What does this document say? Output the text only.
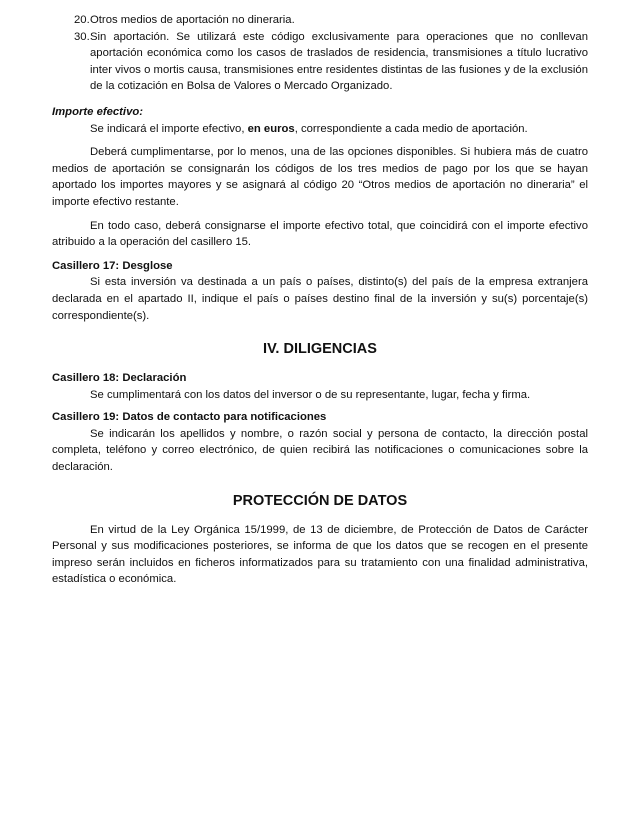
20. Otros medios de aportación no dineraria.
30. Sin aportación. Se utilizará este código exclusivamente para operaciones que no conllevan aportación económica como los casos de traslados de residencia, transmisiones a título lucrativo inter vivos o mortis causa, transmisiones entre residentes distintas de las fusiones y de la exclusión de la cotización en Bolsa de Valores o Mercado Organizado.
Importe efectivo:

Se indicará el importe efectivo, en euros, correspondiente a cada medio de aportación.

Deberá cumplimentarse, por lo menos, una de las opciones disponibles. Si hubiera más de cuatro medios de aportación se consignarán los códigos de los tres medios de pago por los que se hayan aportado los importes mayores y se asignará al código 20 “Otros medios de aportación no dineraria” el importe efectivo restante.

En todo caso, deberá consignarse el importe efectivo total, que coincidirá con el importe efectivo atribuido a la operación del casillero 15.

Casillero 17: Desglose

Si esta inversión va destinada a un país o países, distinto(s) del país de la empresa extranjera declarada en el apartado II, indique el país o países destino final de la inversión y su(s) porcentaje(s) correspondiente(s).

IV. DILIGENCIAS
Casillero 18: Declaración

Se cumplimentará con los datos del inversor o de su representante, lugar, fecha y firma.

Casillero 19: Datos de contacto para notificaciones

Se indicarán los apellidos y nombre, o razón social y persona de contacto, la dirección postal completa, teléfono y correo electrónico, de quien recibirá las notificaciones o comunicaciones sobre la declaración.

PROTECCIÓN DE DATOS

En virtud de la Ley Orgánica 15/1999, de 13 de diciembre, de Protección de Datos de Carácter Personal y sus modificaciones posteriores, se informa de que los datos que se recogen en el presente impreso serán incluidos en ficheros informatizados para su tratamiento con una finalidad administrativa, estadística o económica.
